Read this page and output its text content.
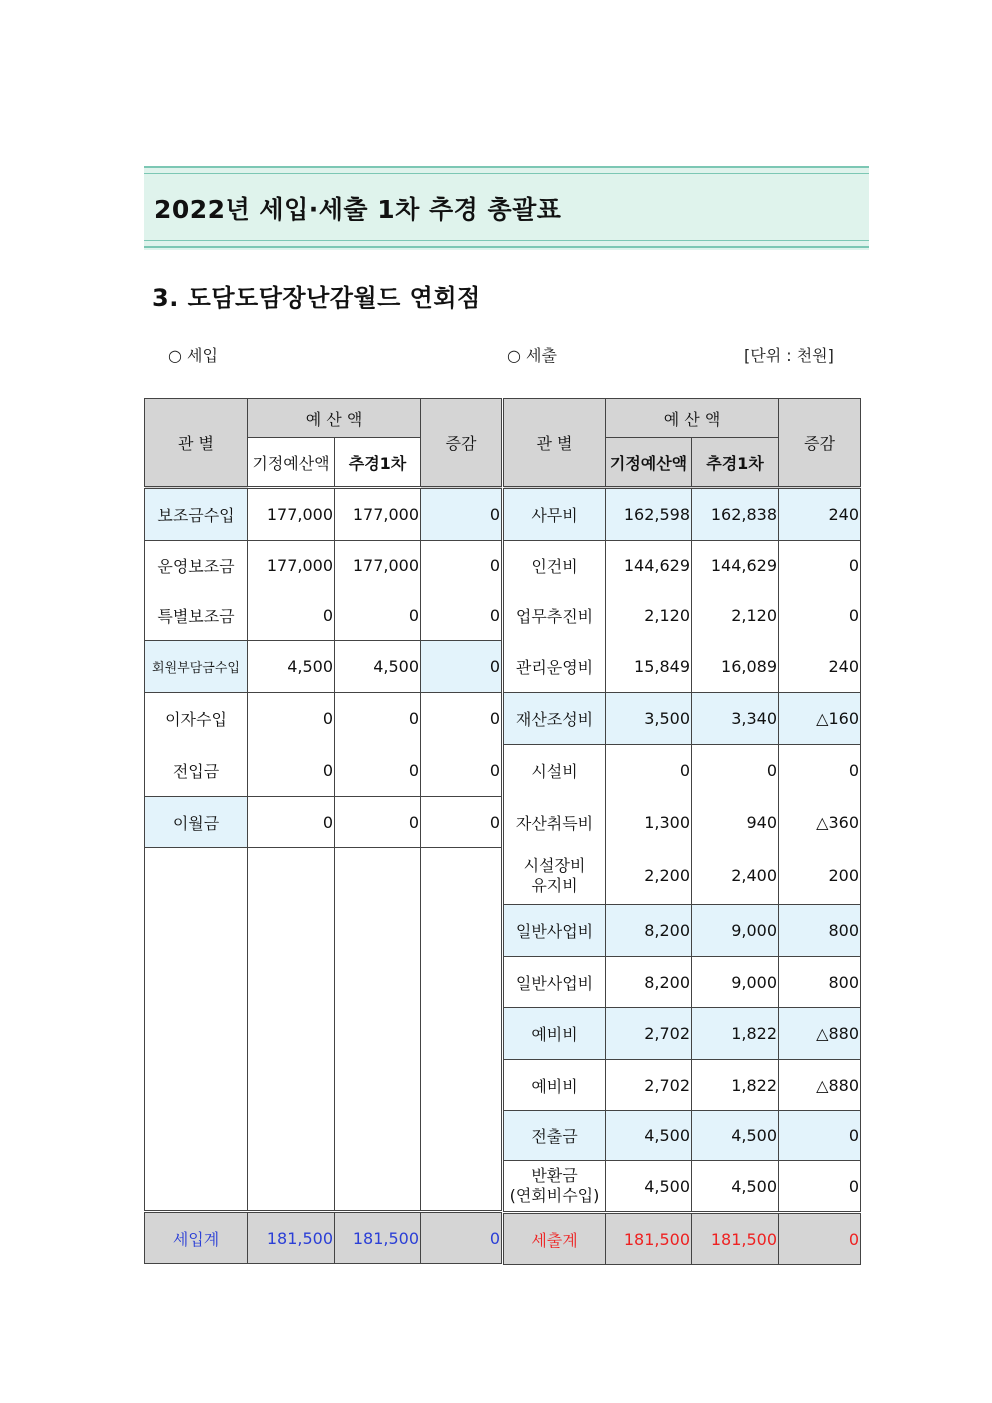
2022년 세입·세출 1차 추경 총괄표
3. 도담도담장난감월드 연회점
○ 세입	○ 세출	[단위 : 천원]
관 별	예 산 액		증감
	기정예산액	추경1차	
보조금수입	177,000	177,000	0
운영보조금	177,000	177,000	0
특별보조금	0	0	0
회원부담금수입	4,500	4,500	0
이자수입	0	0	0
전입금	0	0	0
이월금	0	0	0

세입계	181,500	181,500	0
관 별	예 산 액		증감
	기정예산액	추경1차	
사무비	162,598	162,838	240
인건비	144,629	144,629	0
업무추진비	2,120	2,120	0
관리운영비	15,849	16,089	240
재산조성비	3,500	3,340	△160
시설비	0	0	0
자산취득비	1,300	940	△360

시설장비
유지비	2,200	2,400	200
일반사업비	8,200	9,000	800
일반사업비	8,200	9,000	800
예비비	2,702	1,822	△880
예비비	2,702	1,822	△880
전출금	4,500	4,500	0

반환금
(연회비수입)	4,500	4,500	0
세출계	181,500	181,500	0
